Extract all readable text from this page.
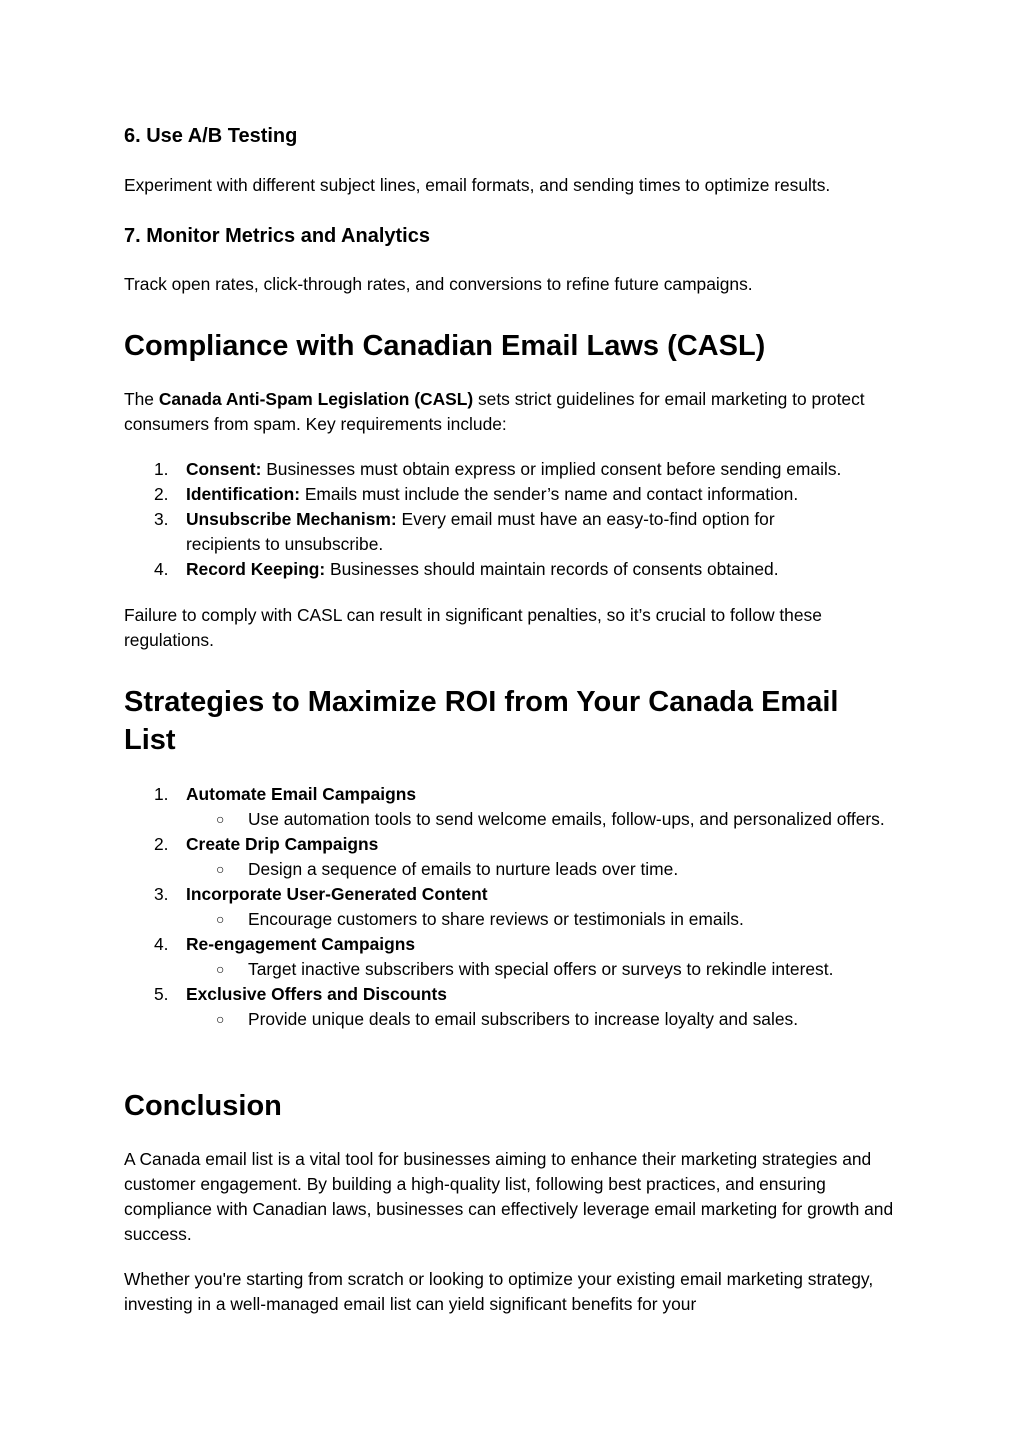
6. Use A/B Testing

Experiment with different subject lines, email formats, and sending times to optimize results.

7. Monitor Metrics and Analytics

Track open rates, click-through rates, and conversions to refine future campaigns.

Compliance with Canadian Email Laws (CASL)

The Canada Anti-Spam Legislation (CASL) sets strict guidelines for email marketing to protect consumers from spam. Key requirements include:

1.	Consent: Businesses must obtain express or implied consent before sending emails.
2.	Identification: Emails must include the sender’s name and contact information.
3.	Unsubscribe Mechanism: Every email must have an easy-to-find option for recipients to unsubscribe.
4.	Record Keeping: Businesses should maintain records of consents obtained.

Failure to comply with CASL can result in significant penalties, so it’s crucial to follow these regulations.

Strategies to Maximize ROI from Your Canada Email List
1.	Automate Email Campaigns
○ Use automation tools to send welcome emails, follow-ups, and personalized offers.
2.	Create Drip Campaigns
○ Design a sequence of emails to nurture leads over time.
3.	Incorporate User-Generated Content
○ Encourage customers to share reviews or testimonials in emails.
4.	Re-engagement Campaigns
○ Target inactive subscribers with special offers or surveys to rekindle interest.
5.	Exclusive Offers and Discounts
○ Provide unique deals to email subscribers to increase loyalty and sales.
Conclusion

A Canada email list is a vital tool for businesses aiming to enhance their marketing strategies and customer engagement. By building a high-quality list, following best practices, and ensuring compliance with Canadian laws, businesses can effectively leverage email marketing for growth and success.

Whether you're starting from scratch or looking to optimize your existing email marketing strategy, investing in a well-managed email list can yield significant benefits for your
